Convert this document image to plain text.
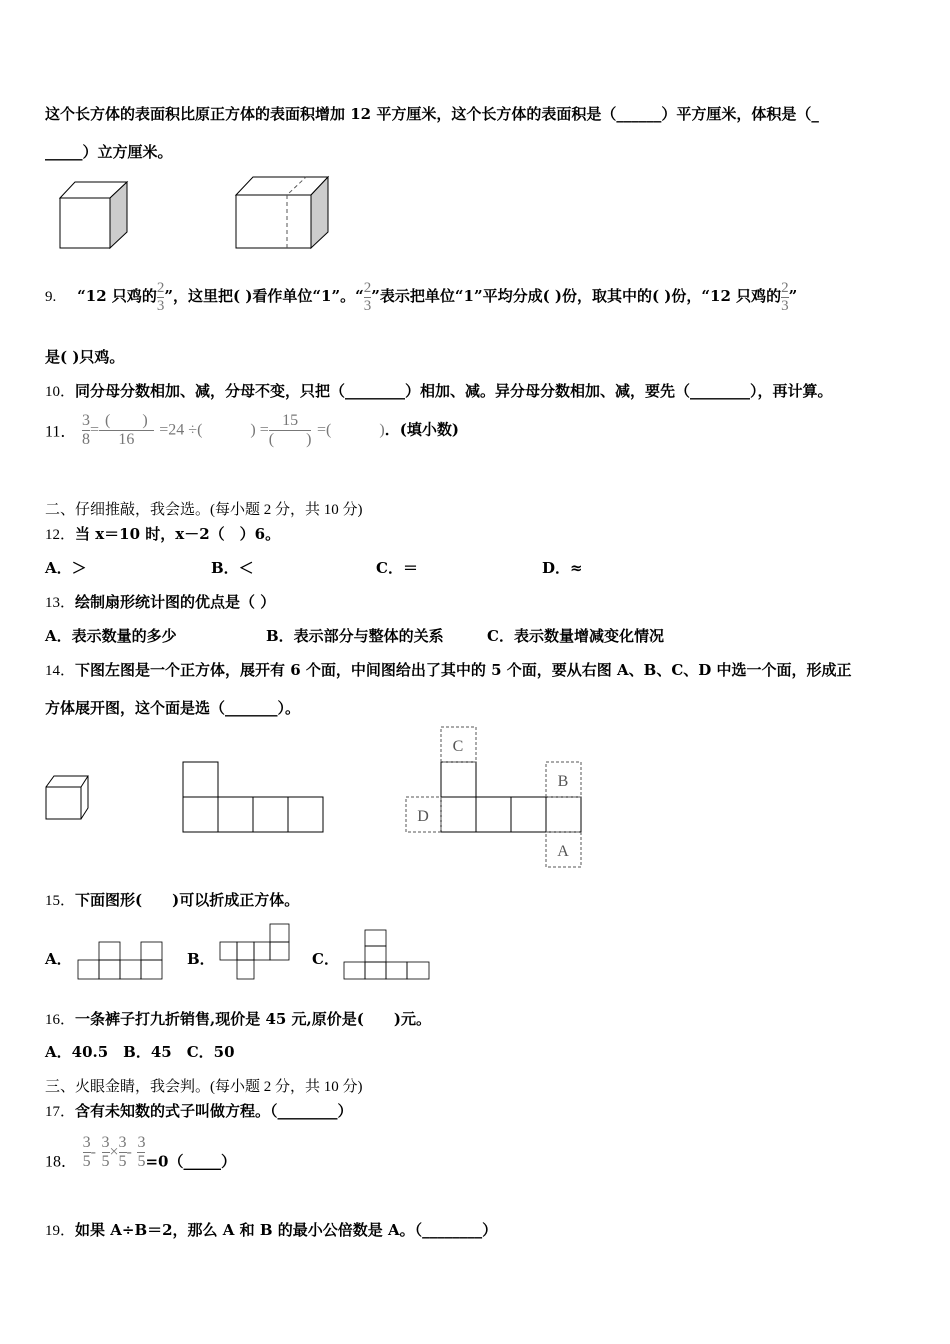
这个长方体的表面积比原正方体的表面积增加 12 平方厘米，这个长方体的表面积是（______）平方厘米，体积是（_
_____）立方厘米。
9. “12 只鸡的 $\frac{2}{3}$ ”，这里把( )看作单位“1”。“ $\frac{2}{3}$ ”表示把单位“1”平均分成( )份，取其中的( )份，“12 只鸡的 $\frac{2}{3}$ ”
是( )只鸡。
10．同分母分数相加、减，分母不变，只把（________）相加、减。异分母分数相加、减，要先（________），再计算。
11． $\frac{3}{8}$ =
(　　)
16
=24 ÷(　　　) =
15
(　　)
=(　　　)．(填小数)
二、仔细推敲，我会选。(每小题 2 分，共 10 分)
12．当 x＝10 时，x－2（　）6。
A．＞	B．＜	C．＝	D．≈
13．绘制扇形统计图的优点是（ ）
A．表示数量的多少	B．表示部分与整体的关系	C．表示数量增减变化情况
14．下图左图是一个正方体，展开有 6 个面，中间图给出了其中的 5 个面，要从右图 A、B、C、D 中选一个面，形成正
方体展开图，这个面是选（_______）。
C
D
B
A
15．下面图形(　　)可以折成正方体。
A．	B．	C．
16．一条裤子打九折销售,现价是 45 元,原价是(　　)元。
A．40.5　B．45　C．50
三、火眼金睛，我会判。(每小题 2 分，共 10 分)
17．含有未知数的式子叫做方程。（________）
18． $\frac{3}{5} - \frac{3}{5} \times \frac{3}{5} - \frac{3}{5}$ =0（_____）
19．如果 A÷B＝2，那么 A 和 B 的最小公倍数是 A。（________）
